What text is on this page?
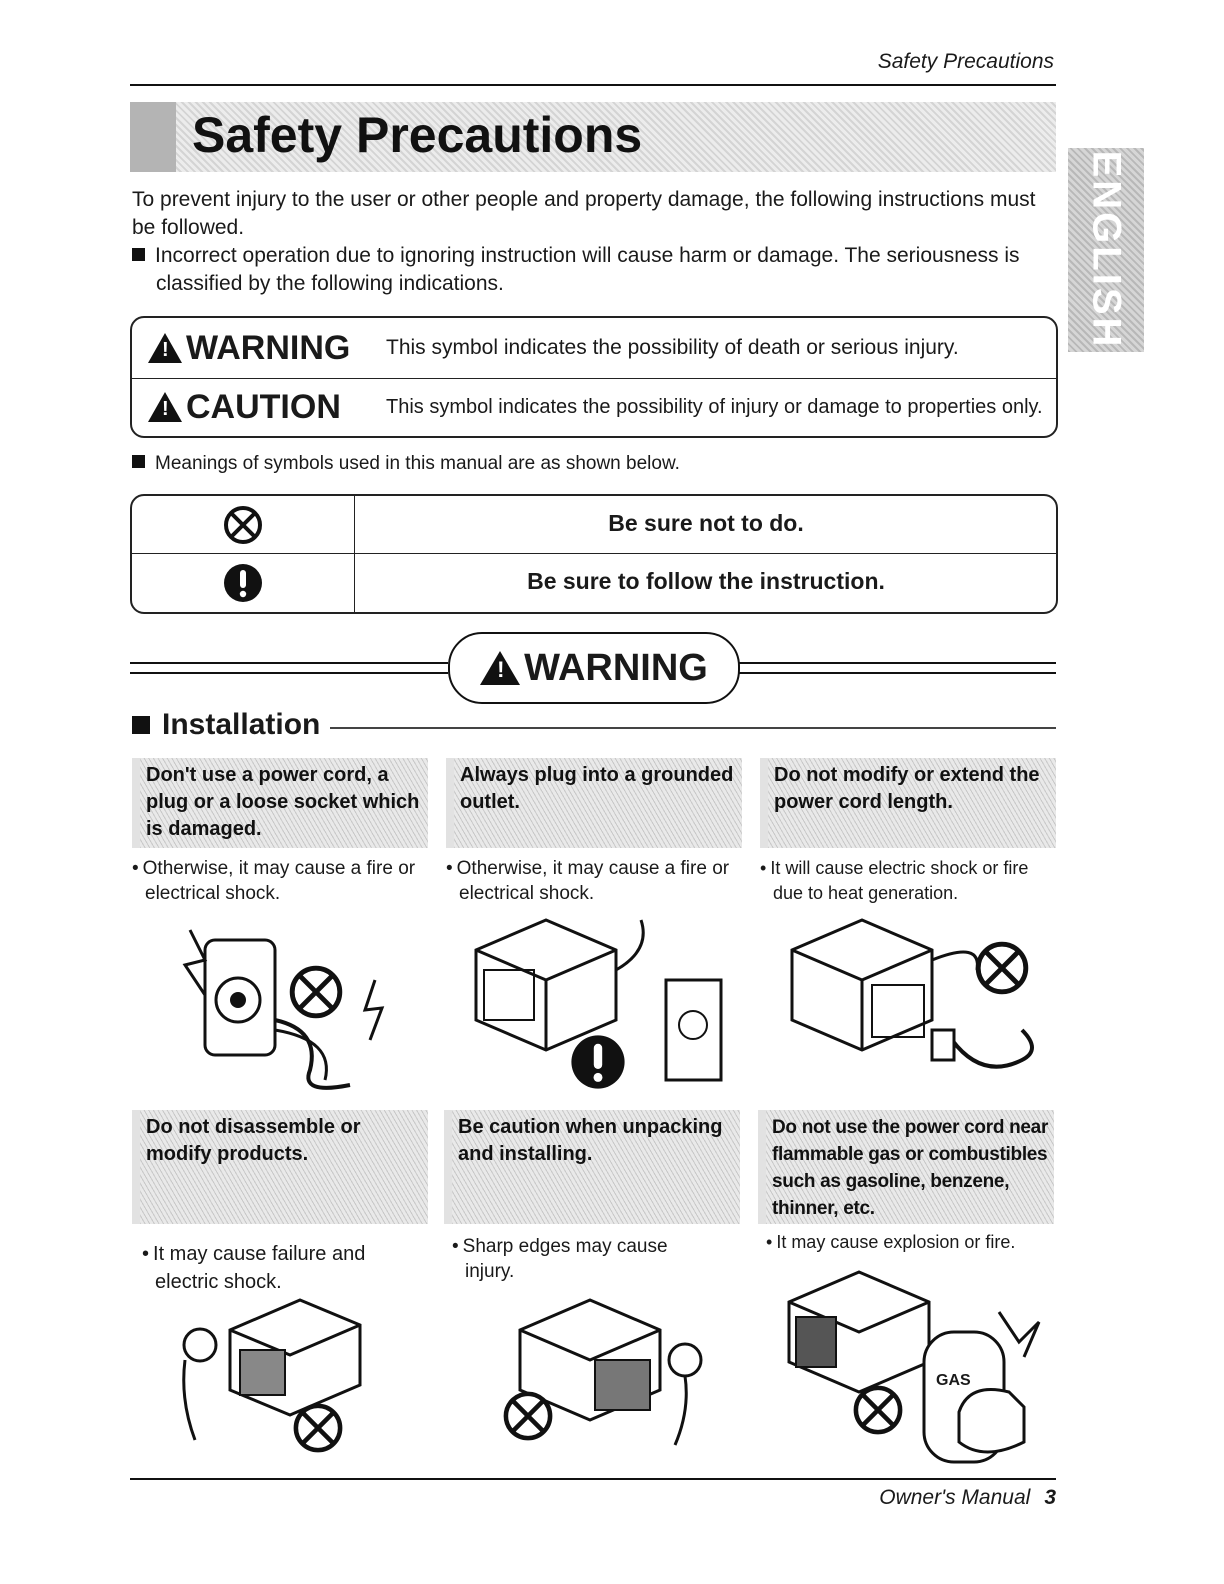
Safety Precautions
Safety Precautions
ENGLISH
To prevent injury to the user or other people and property damage, the following instructions must be followed.
Incorrect operation due to ignoring instruction will cause harm or damage. The seriousness is classified by the following indications.
! WARNING This symbol indicates the possibility of death or serious injury.
! CAUTION This symbol indicates the possibility of injury or damage to properties only.
Meanings of symbols used in this manual are as shown below.
Be sure not to do.
Be sure to follow the instruction.
! WARNING
Installation
Don't use a power cord, a plug or a loose socket which is damaged.
Always plug into a grounded outlet.
Do not modify or extend the power cord length.
• Otherwise, it may cause a fire or electrical shock.
• Otherwise, it may cause a fire or electrical shock.
• It will cause electric shock or fire due to heat generation.
Do not disassemble or modify products.
Be caution when unpacking and installing.
Do not use the power cord near flammable gas or combustibles such as gasoline, benzene, thinner, etc.
• It may cause failure and electric shock.
• Sharp edges may cause injury.
• It may cause explosion or fire.
GAS
Owner's Manual 3
